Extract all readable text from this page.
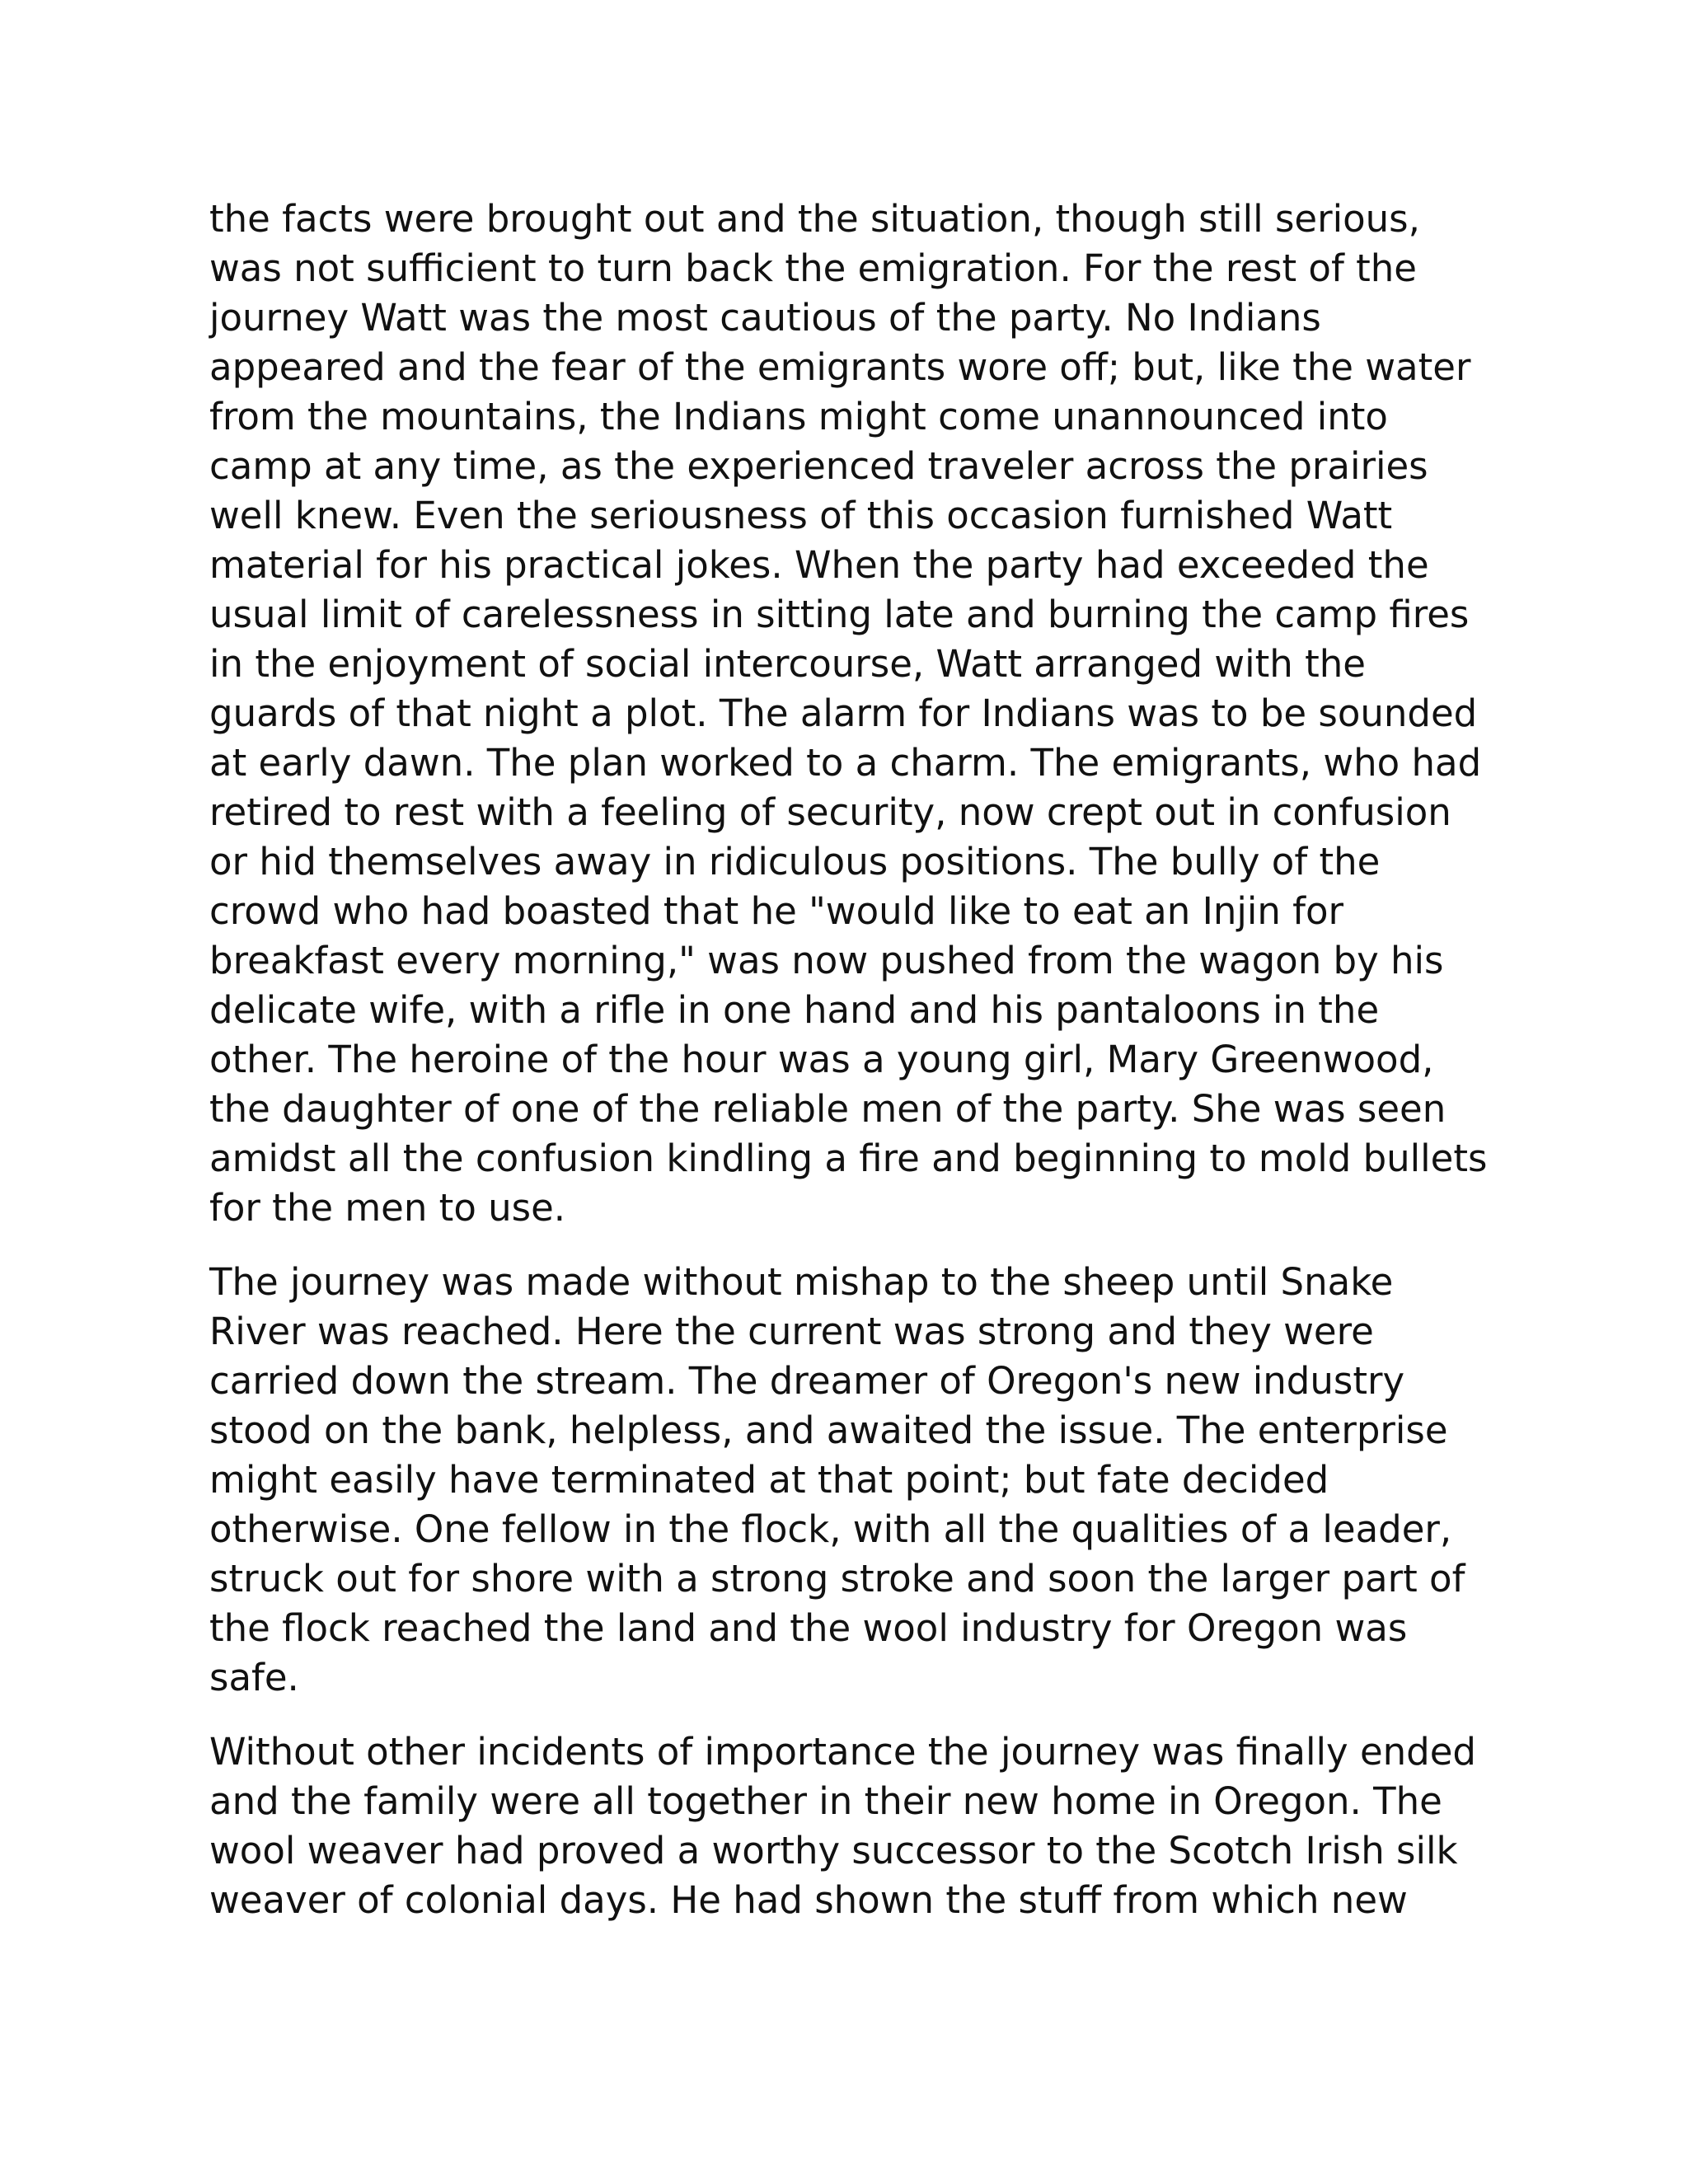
the facts were brought out and the situation, though still serious,
was not sufficient to turn back the emigration. For the rest of the
journey Watt was the most cautious of the party. No Indians
appeared and the fear of the emigrants wore off; but, like the water
from the mountains, the Indians might come unannounced into
camp at any time, as the experienced traveler across the prairies
well knew. Even the seriousness of this occasion furnished Watt
material for his practical jokes. When the party had exceeded the
usual limit of carelessness in sitting late and burning the camp fires
in the enjoyment of social intercourse, Watt arranged with the
guards of that night a plot. The alarm for Indians was to be sounded
at early dawn. The plan worked to a charm. The emigrants, who had
retired to rest with a feeling of security, now crept out in confusion
or hid themselves away in ridiculous positions. The bully of the
crowd who had boasted that he "would like to eat an Injin for
breakfast every morning," was now pushed from the wagon by his
delicate wife, with a rifle in one hand and his pantaloons in the
other. The heroine of the hour was a young girl, Mary Greenwood,
the daughter of one of the reliable men of the party. She was seen
amidst all the confusion kindling a fire and beginning to mold bullets
for the men to use.
The journey was made without mishap to the sheep until Snake
River was reached. Here the current was strong and they were
carried down the stream. The dreamer of Oregon's new industry
stood on the bank, helpless, and awaited the issue. The enterprise
might easily have terminated at that point; but fate decided
otherwise. One fellow in the flock, with all the qualities of a leader,
struck out for shore with a strong stroke and soon the larger part of
the flock reached the land and the wool industry for Oregon was
safe.
Without other incidents of importance the journey was finally ended
and the family were all together in their new home in Oregon. The
wool weaver had proved a worthy successor to the Scotch Irish silk
weaver of colonial days. He had shown the stuff from which new
